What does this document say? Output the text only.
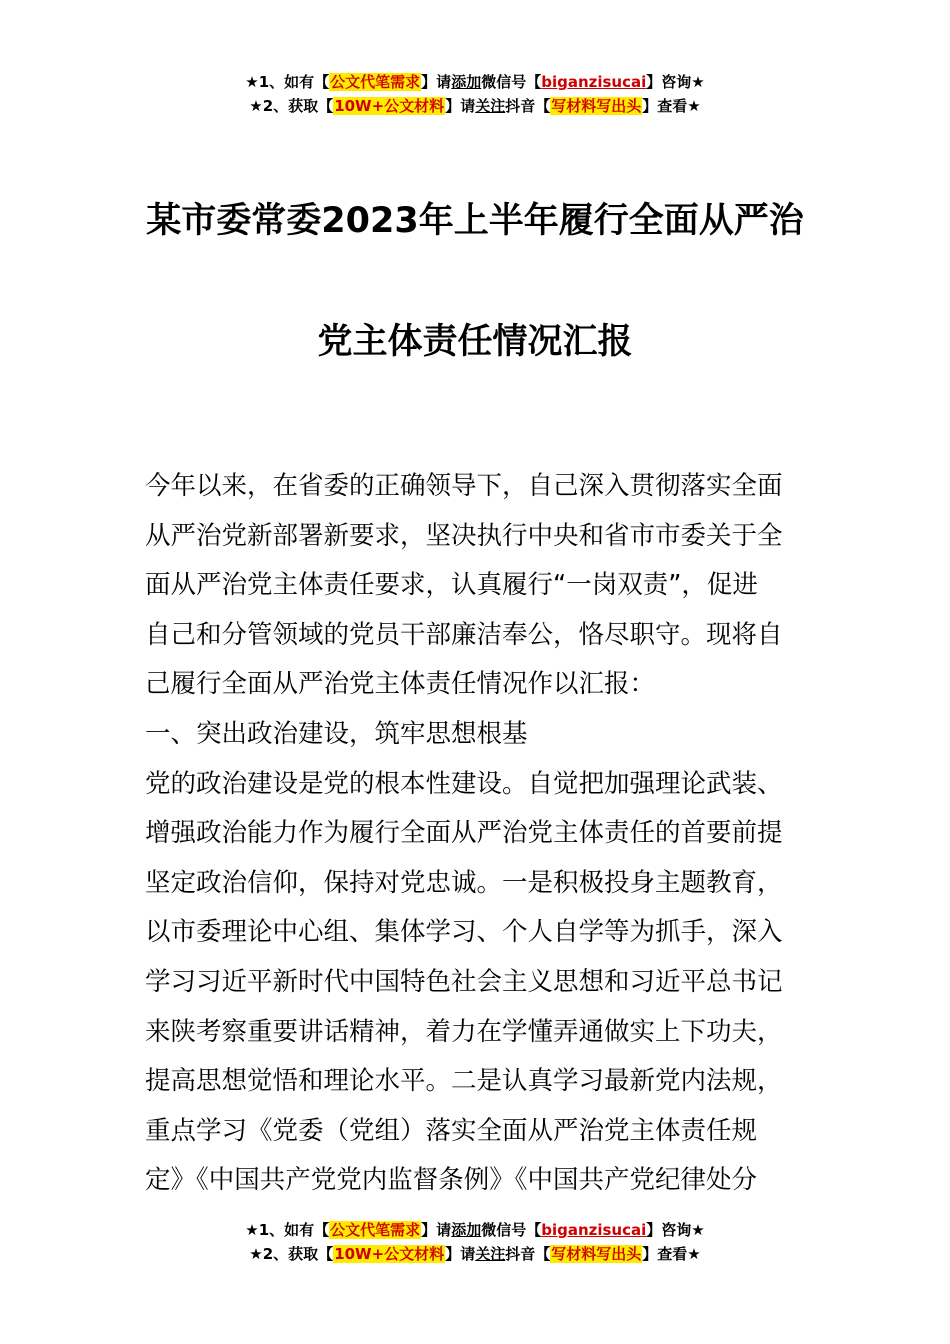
★1、如有【公文代笔需求】请添加微信号【biganzisucai】咨询★
★2、获取【10W+公文材料】请关注抖音【写材料写出头】查看★
某市委常委2023年上半年履行全面从严治
党主体责任情况汇报
今年以来，在省委的正确领导下，自己深入贯彻落实全面
从严治党新部署新要求，坚决执行中央和省市市委关于全
面从严治党主体责任要求，认真履行“一岗双责”，促进
自己和分管领域的党员干部廉洁奉公，恪尽职守。现将自
己履行全面从严治党主体责任情况作以汇报：
一、突出政治建设，筑牢思想根基
党的政治建设是党的根本性建设。自觉把加强理论武装、
增强政治能力作为履行全面从严治党主体责任的首要前提
坚定政治信仰，保持对党忠诚。一是积极投身主题教育，
以市委理论中心组、集体学习、个人自学等为抓手，深入
学习习近平新时代中国特色社会主义思想和习近平总书记
来陕考察重要讲话精神，着力在学懂弄通做实上下功夫，
提高思想觉悟和理论水平。二是认真学习最新党内法规，
重点学习《党委（党组）落实全面从严治党主体责任规
定》《中国共产党党内监督条例》《中国共产党纪律处分
★1、如有【公文代笔需求】请添加微信号【biganzisucai】咨询★
★2、获取【10W+公文材料】请关注抖音【写材料写出头】查看★
